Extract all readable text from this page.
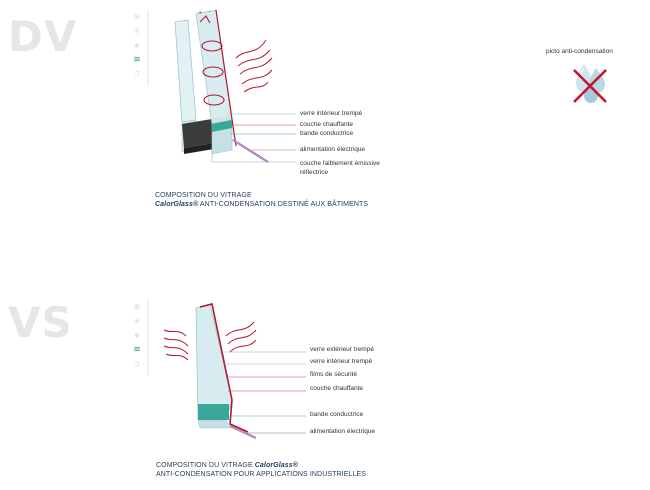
DV
VS
❄
✳
●
≋
ↄ
❄
✳
●
≋
ↄ
+ -
verre intérieur trempé
couche chauffante
bande conductrice
alimentation électrique
couche faiblement émissive
réflectrice
COMPOSITION DU VITRAGE
CalorGlass® ANTI-CONDENSATION DESTINÉ AUX BÂTIMENTS
picto anti-condensation
verre extérieur trempé
verre intérieur trempé
films de sécurité
couche chauffante
bande conductrice
alimentation électrique
COMPOSITION DU VITRAGE CalorGlass®
ANTI-CONDENSATION POUR APPLICATIONS INDUSTRIELLES
